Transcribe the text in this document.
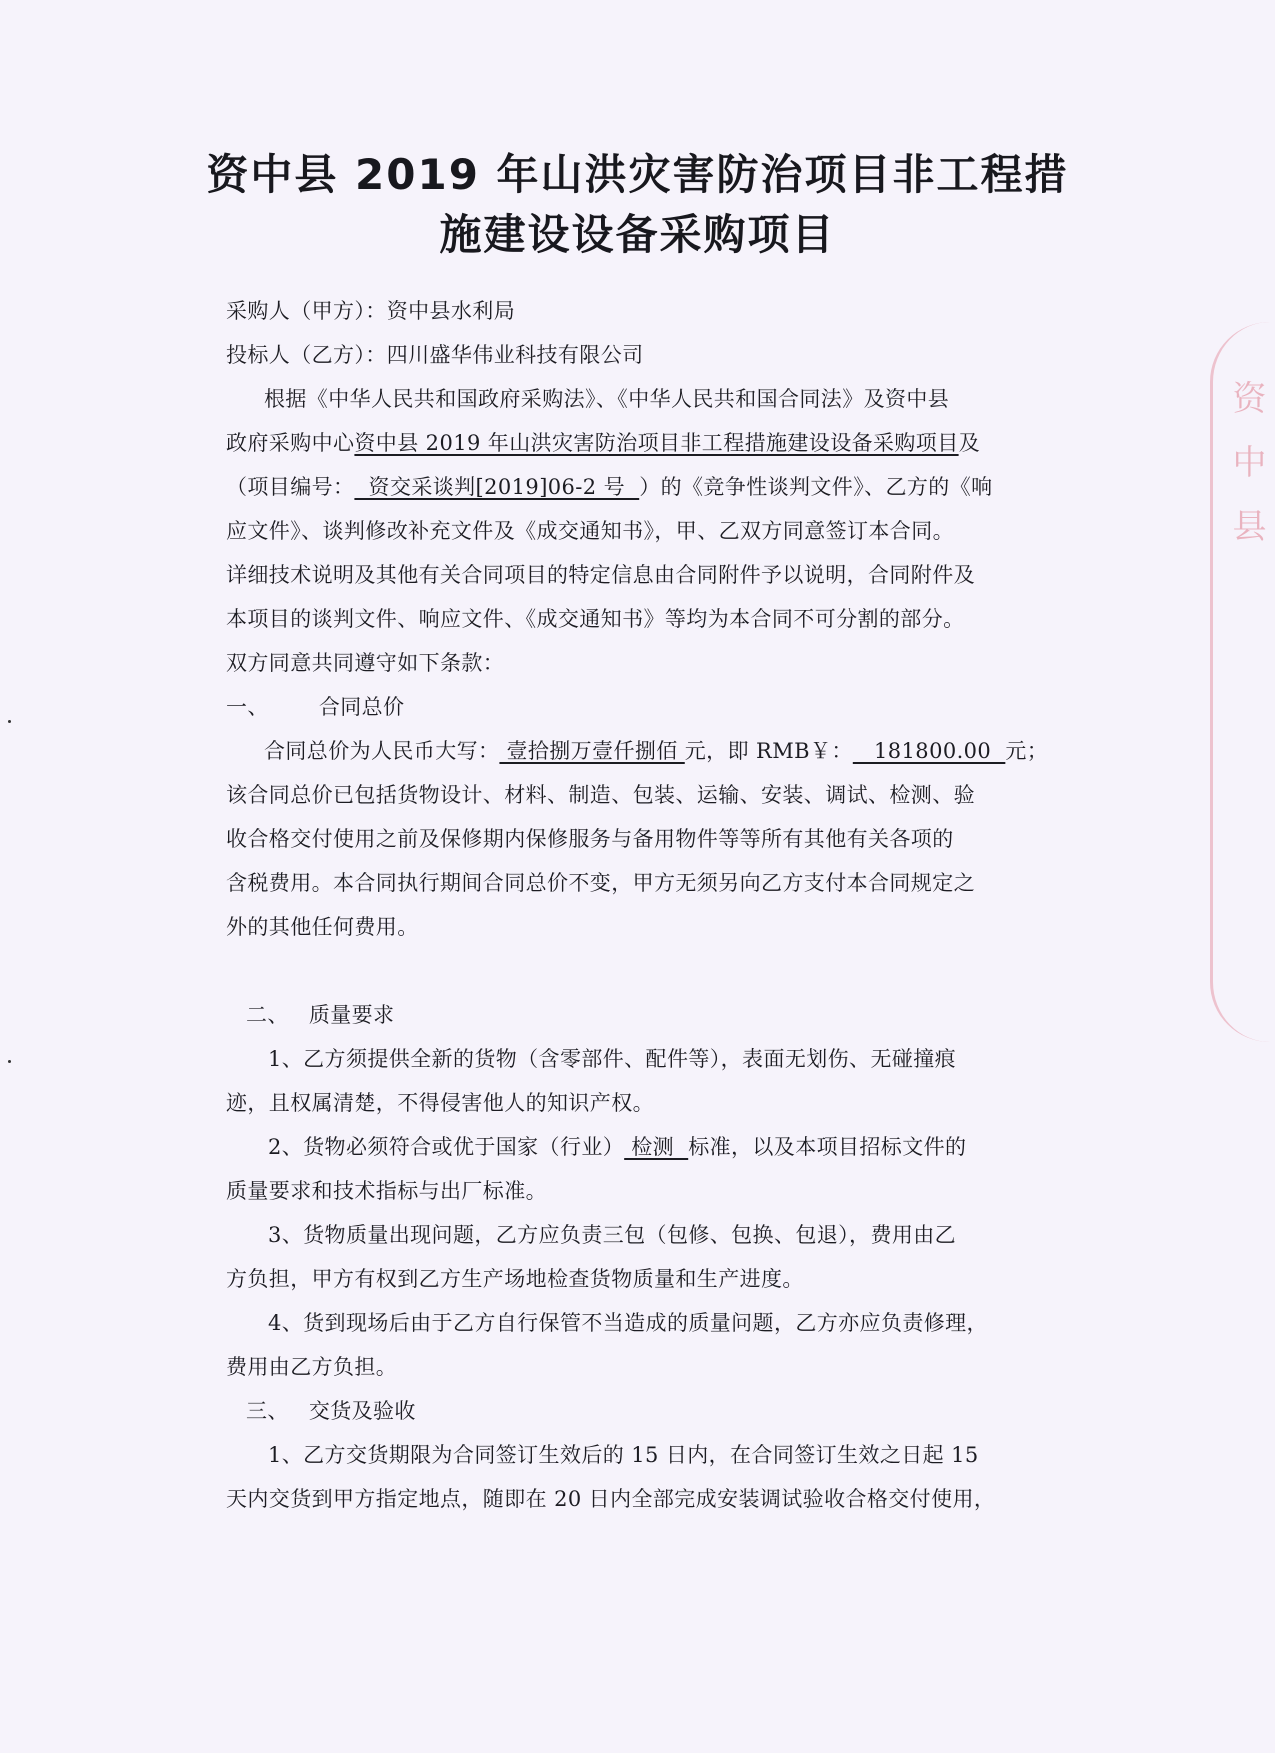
资中县 2019 年山洪灾害防治项目非工程措
施建设设备采购项目
采购人（甲方）：资中县水利局
投标人（乙方）：四川盛华伟业科技有限公司
根据《中华人民共和国政府采购法》、《中华人民共和国合同法》及资中县
政府采购中心资中县 2019 年山洪灾害防治项目非工程措施建设设备采购项目及
（项目编号：  资交采谈判[2019]06-2 号  ）的《竞争性谈判文件》、乙方的《响
应文件》、谈判修改补充文件及《成交通知书》，甲、乙双方同意签订本合同。
详细技术说明及其他有关合同项目的特定信息由合同附件予以说明，合同附件及
本项目的谈判文件、响应文件、《成交通知书》等均为本合同不可分割的部分。
双方同意共同遵守如下条款：
一、 合同总价
合同总价为人民币大写： 壹拾捌万壹仟捌佰 元，即 RMB￥：   181800.00  元；
该合同总价已包括货物设计、材料、制造、包装、运输、安装、调试、检测、验
收合格交付使用之前及保修期内保修服务与备用物件等等所有其他有关各项的
含税费用。本合同执行期间合同总价不变，甲方无须另向乙方支付本合同规定之
外的其他任何费用。
二、 质量要求
1、乙方须提供全新的货物（含零部件、配件等），表面无划伤、无碰撞痕
迹，且权属清楚，不得侵害他人的知识产权。
2、货物必须符合或优于国家（行业） 检测  标准，以及本项目招标文件的
质量要求和技术指标与出厂标准。
3、货物质量出现问题，乙方应负责三包（包修、包换、包退），费用由乙
方负担，甲方有权到乙方生产场地检查货物质量和生产进度。
4、货到现场后由于乙方自行保管不当造成的质量问题，乙方亦应负责修理，
费用由乙方负担。
三、 交货及验收
1、乙方交货期限为合同签订生效后的 15 日内，在合同签订生效之日起 15
天内交货到甲方指定地点，随即在 20 日内全部完成安装调试验收合格交付使用，
资中县
